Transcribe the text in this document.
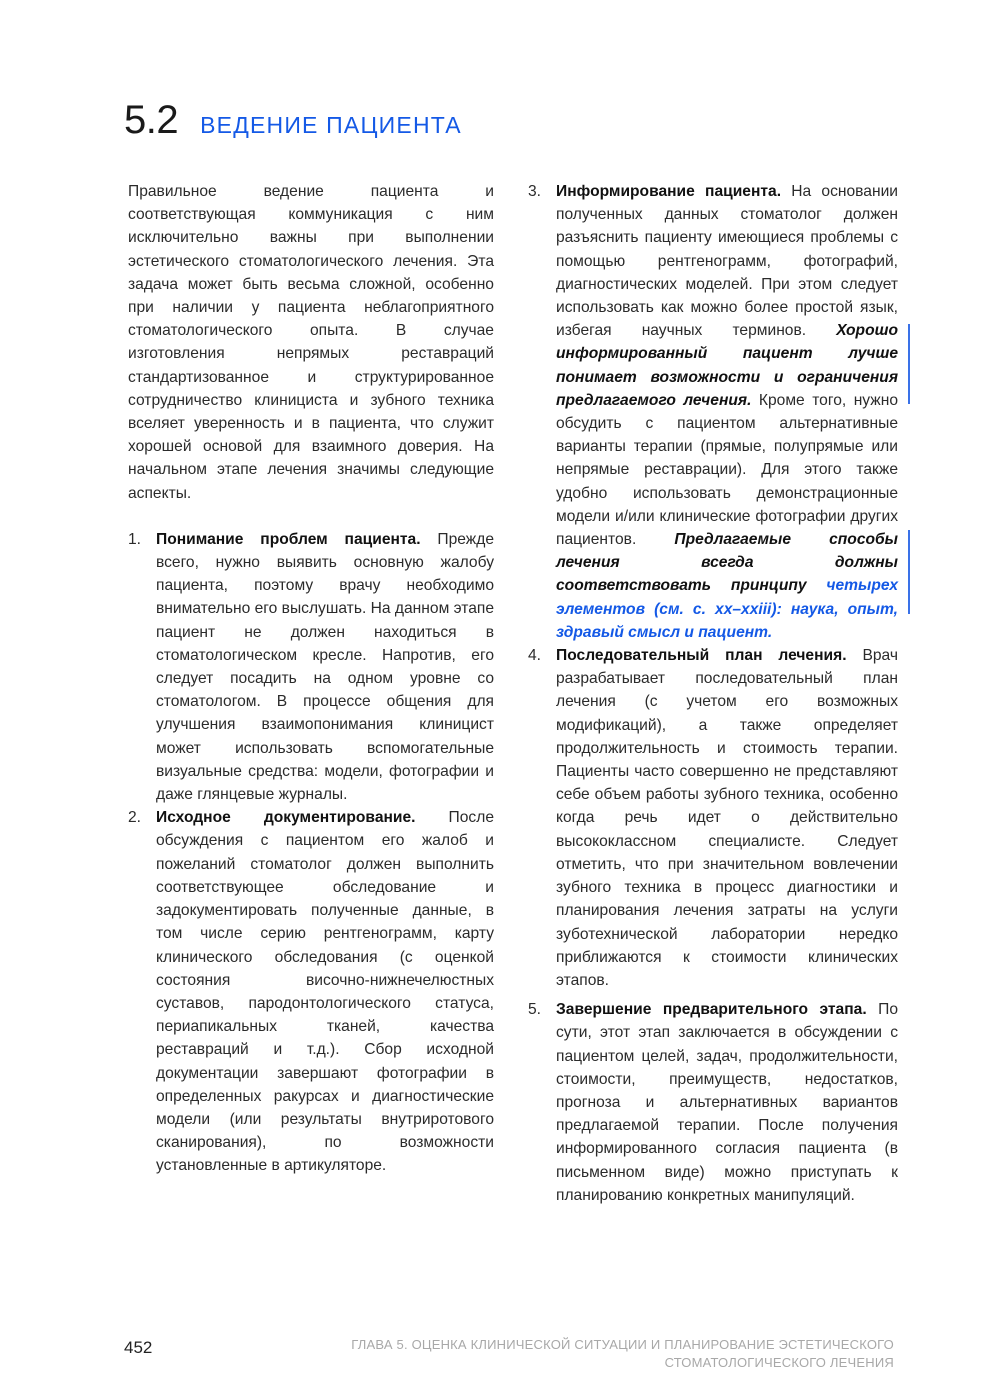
5.2 ВЕДЕНИЕ ПАЦИЕНТА

Правильное ведение пациента и соответствующая коммуникация с ним исключительно важны при выполнении эстетического стоматологического лечения. Эта задача может быть весьма сложной, особенно при наличии у пациента неблагоприятного стоматологического опыта. В случае изготовления непрямых реставраций стандартизованное и структурированное сотрудничество клинициста и зубного техника вселяет уверенность и в пациента, что служит хорошей основой для взаимного доверия. На начальном этапе лечения значимы следующие аспекты.

1. Понимание проблем пациента. Прежде всего, нужно выявить основную жалобу пациента, поэтому врачу необходимо внимательно его выслушать. На данном этапе пациент не должен находиться в стоматологическом кресле. Напротив, его следует посадить на одном уровне со стоматологом. В процессе общения для улучшения взаимопонимания клиницист может использовать вспомогательные визуальные средства: модели, фотографии и даже глянцевые журналы.
2. Исходное документирование. После обсуждения с пациентом его жалоб и пожеланий стоматолог должен выполнить соответствующее обследование и задокументировать полученные данные, в том числе серию рентгенограмм, карту клинического обследования (с оценкой состояния височно-нижнечелюстных суставов, пародонтологического статуса, периапикальных тканей, качества реставраций и т.д.). Сбор исходной документации завершают фотографии в определенных ракурсах и диагностические модели (или результаты внутриротового сканирования), по возможности установленные в артикуляторе.
3. Информирование пациента. На основании полученных данных стоматолог должен разъяснить пациенту имеющиеся проблемы с помощью рентгенограмм, фотографий, диагностических моделей. При этом следует использовать как можно более простой язык, избегая научных терминов. Хорошо информированный пациент лучше понимает возможности и ограничения предлагаемого лечения. Кроме того, нужно обсудить с пациентом альтернативные варианты терапии (прямые, полупрямые или непрямые реставрации). Для этого также удобно использовать демонстрационные модели и/или клинические фотографии других пациентов. Предлагаемые способы лечения всегда должны соответствовать принципу четырех элементов (см. с. xx–xxiii): наука, опыт, здравый смысл и пациент.
4. Последовательный план лечения. Врач разрабатывает последовательный план лечения (с учетом его возможных модификаций), а также определяет продолжительность и стоимость терапии. Пациенты часто совершенно не представляют себе объем работы зубного техника, особенно когда речь идет о действительно высококлассном специалисте. Следует отметить, что при значительном вовлечении зубного техника в процесс диагностики и планирования лечения затраты на услуги зуботехнической лаборатории нередко приближаются к стоимости клинических этапов.
5. Завершение предварительного этапа. По сути, этот этап заключается в обсуждении с пациентом целей, задач, продолжительности, стоимости, преимуществ, недостатков, прогноза и альтернативных вариантов предлагаемой терапии. После получения информированного согласия пациента (в письменном виде) можно приступать к планированию конкретных манипуляций.
452	ГЛАВА 5. ОЦЕНКА КЛИНИЧЕСКОЙ СИТУАЦИИ И ПЛАНИРОВАНИЕ ЭСТЕТИЧЕСКОГО
СТОМАТОЛОГИЧЕСКОГО ЛЕЧЕНИЯ
